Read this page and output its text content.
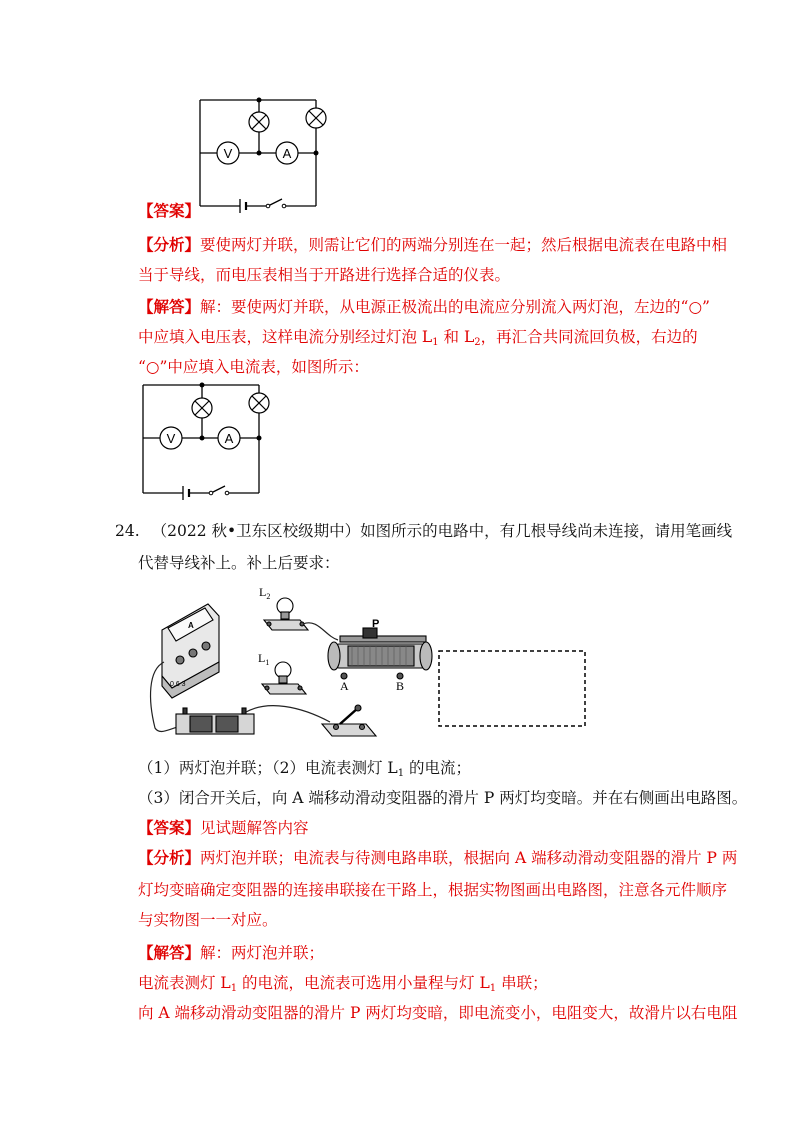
V	A
【答案】
【分析】要使两灯并联，则需让它们的两端分别连在一起；然后根据电流表在电路中相
当于导线，而电压表相当于开路进行选择合适的仪表。
【解答】解：要使两灯并联，从电源正极流出的电流应分别流入两灯泡，左边的“○”
中应填入电压表，这样电流分别经过灯泡 $L_1$ 和 $L_2$，再汇合共同流回负极，右边的
“○”中应填入电流表，如图所示：
V	A
24. （2022 秋•卫东区校级期中）如图所示的电路中，有几根导线尚未连接，请用笔画线
代替导线补上。补上后要求：
A
0.6 3
$L_2$
$L_1$
P
A	B
（1）两灯泡并联；（2）电流表测灯 $L_1$ 的电流；
（3）闭合开关后，向 A 端移动滑动变阻器的滑片 P 两灯均变暗。并在右侧画出电路图。
【答案】见试题解答内容
【分析】两灯泡并联；电流表与待测电路串联，根据向 A 端移动滑动变阻器的滑片 P 两
灯均变暗确定变阻器的连接串联接在干路上，根据实物图画出电路图，注意各元件顺序
与实物图一一对应。
【解答】解：两灯泡并联；
电流表测灯 $L_1$ 的电流，电流表可选用小量程与灯 $L_1$ 串联；
向 A 端移动滑动变阻器的滑片 P 两灯均变暗，即电流变小，电阻变大，故滑片以右电阻
